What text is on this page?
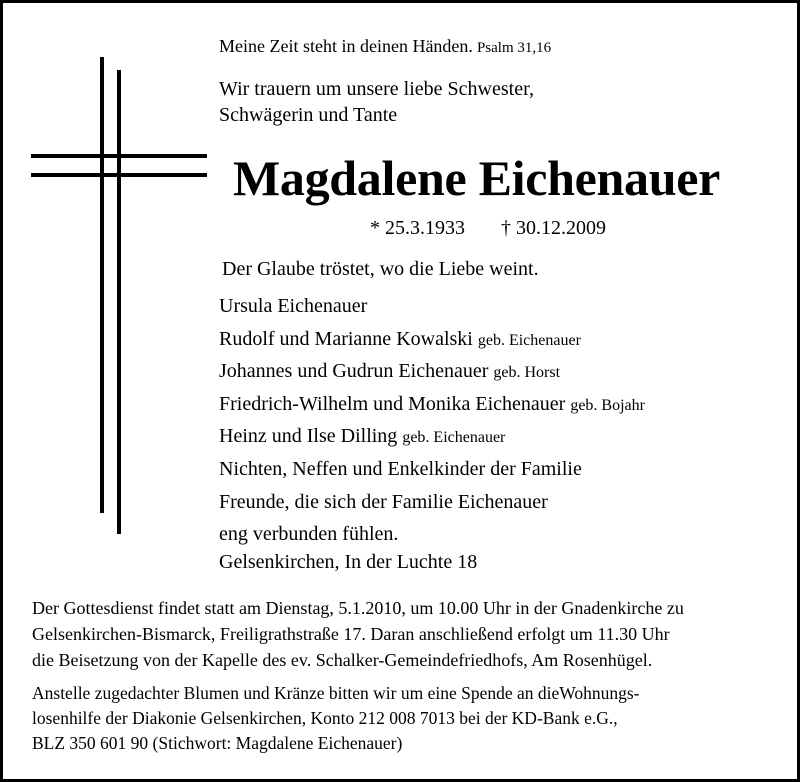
Meine Zeit steht in deinen Händen. Psalm 31,16
Wir trauern um unsere liebe Schwester,
Schwägerin und Tante
Magdalene Eichenauer
* 25.3.1933 † 30.12.2009
Der Glaube tröstet, wo die Liebe weint.
Ursula Eichenauer
Rudolf und Marianne Kowalski geb. Eichenauer
Johannes und Gudrun Eichenauer geb. Horst
Friedrich-Wilhelm und Monika Eichenauer geb. Bojahr
Heinz und Ilse Dilling geb. Eichenauer
Nichten, Neffen und Enkelkinder der Familie
Freunde, die sich der Familie Eichenauer
eng verbunden fühlen.
Gelsenkirchen, In der Luchte 18
Der Gottesdienst findet statt am Dienstag, 5.1.2010, um 10.00 Uhr in der Gnadenkirche zu
Gelsenkirchen-Bismarck, Freiligrathstraße 17. Daran anschließend erfolgt um 11.30 Uhr
die Beisetzung von der Kapelle des ev. Schalker-Gemeindefriedhofs, Am Rosenhügel.
Anstelle zugedachter Blumen und Kränze bitten wir um eine Spende an dieWohnungs-
losenhilfe der Diakonie Gelsenkirchen, Konto 212 008 7013 bei der KD-Bank e.G.,
BLZ 350 601 90 (Stichwort: Magdalene Eichenauer)
